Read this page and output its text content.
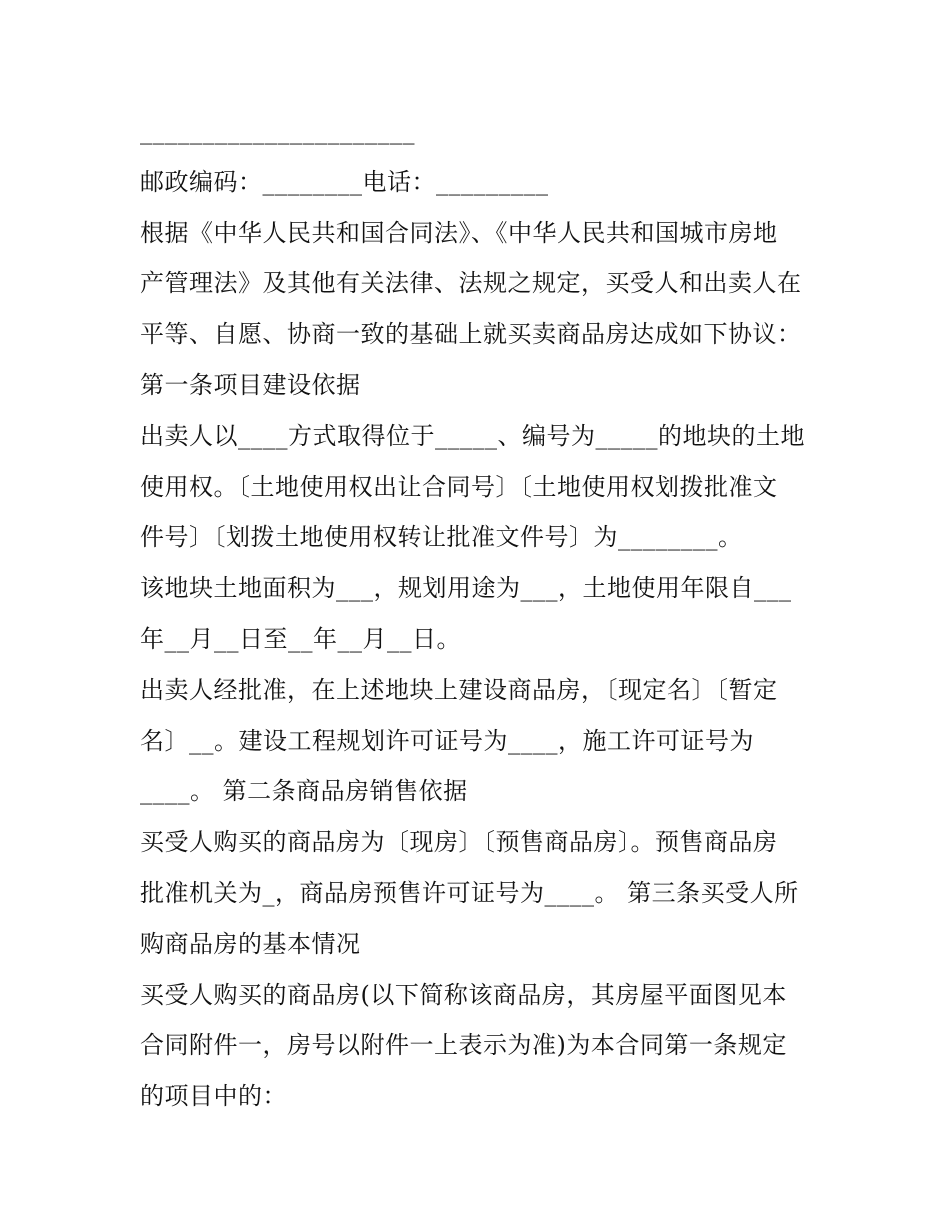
______________________
邮政编码：________电话：_________
根据《中华人民共和国合同法》、《中华人民共和国城市房地
产管理法》及其他有关法律、法规之规定，买受人和出卖人在
平等、自愿、协商一致的基础上就买卖商品房达成如下协议：
第一条项目建设依据
出卖人以____方式取得位于_____、编号为_____的地块的土地
使用权。〔土地使用权出让合同号〕〔土地使用权划拨批准文
件号〕〔划拨土地使用权转让批准文件号〕为________。
该地块土地面积为___，规划用途为___，土地使用年限自___
年__月__日至__年__月__日。
出卖人经批准，在上述地块上建设商品房，〔现定名〕〔暂定
名〕__。建设工程规划许可证号为____，施工许可证号为
____。 第二条商品房销售依据
买受人购买的商品房为〔现房〕〔预售商品房〕。预售商品房
批准机关为_，商品房预售许可证号为____。 第三条买受人所
购商品房的基本情况
买受人购买的商品房(以下简称该商品房，其房屋平面图见本
合同附件一，房号以附件一上表示为准)为本合同第一条规定
的项目中的：
